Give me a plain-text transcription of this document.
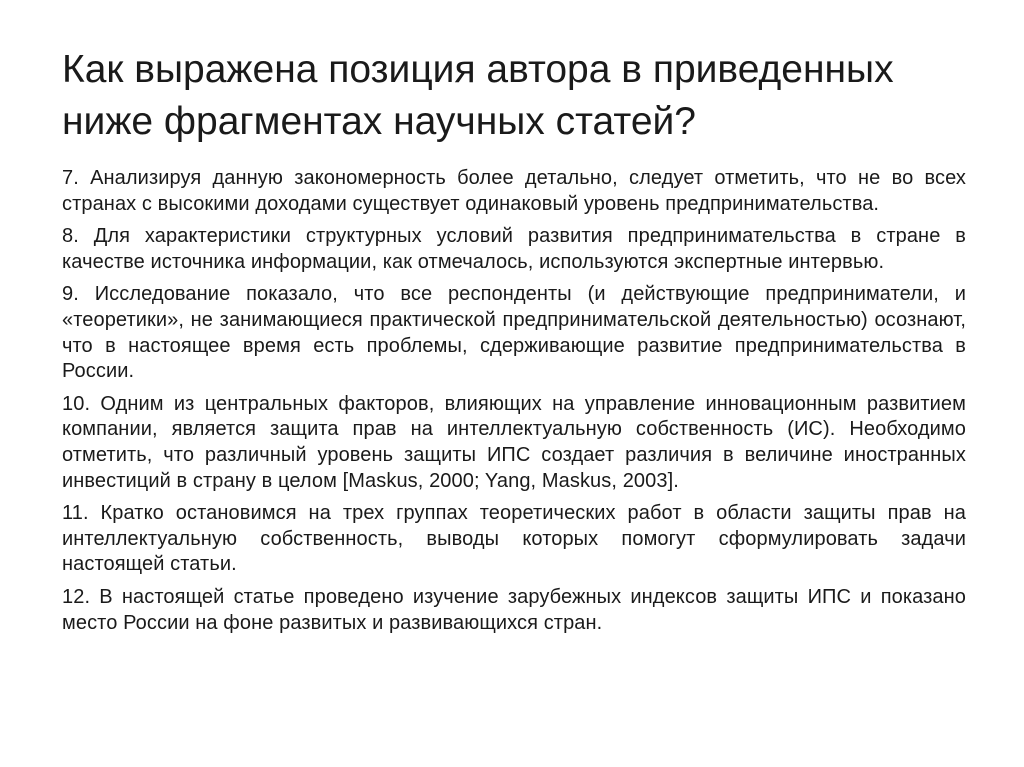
Как выражена позиция автора в приведенных ниже фрагментах научных статей?

7. Анализируя данную закономерность более детально, следует отметить, что не во всех странах с высокими доходами существует одинаковый уровень предпринимательства.

8. Для характеристики структурных условий развития предпринимательства в стране в качестве источника информации, как отмечалось, используются экспертные интервью.

9. Исследование показало, что все респонденты (и действующие предприниматели, и «теоретики», не занимающиеся практической предпринимательской деятельностью) осознают, что в настоящее время есть проблемы, сдерживающие развитие предпринимательства в России.

10. Одним из центральных факторов, влияющих на управление инновационным развитием компании, является защита прав на интеллектуальную собственность (ИС). Необходимо отметить, что различный уровень защиты ИПС создает различия в величине иностранных инвестиций в страну в целом [Maskus, 2000; Yang, Maskus, 2003].

11. Кратко остановимся на трех группах теоретических работ в области защиты прав на интеллектуальную собственность, выводы которых помогут сформулировать задачи настоящей статьи.

12. В настоящей статье проведено изучение зарубежных индексов защиты ИПС и показано место России на фоне развитых и развивающихся стран.
